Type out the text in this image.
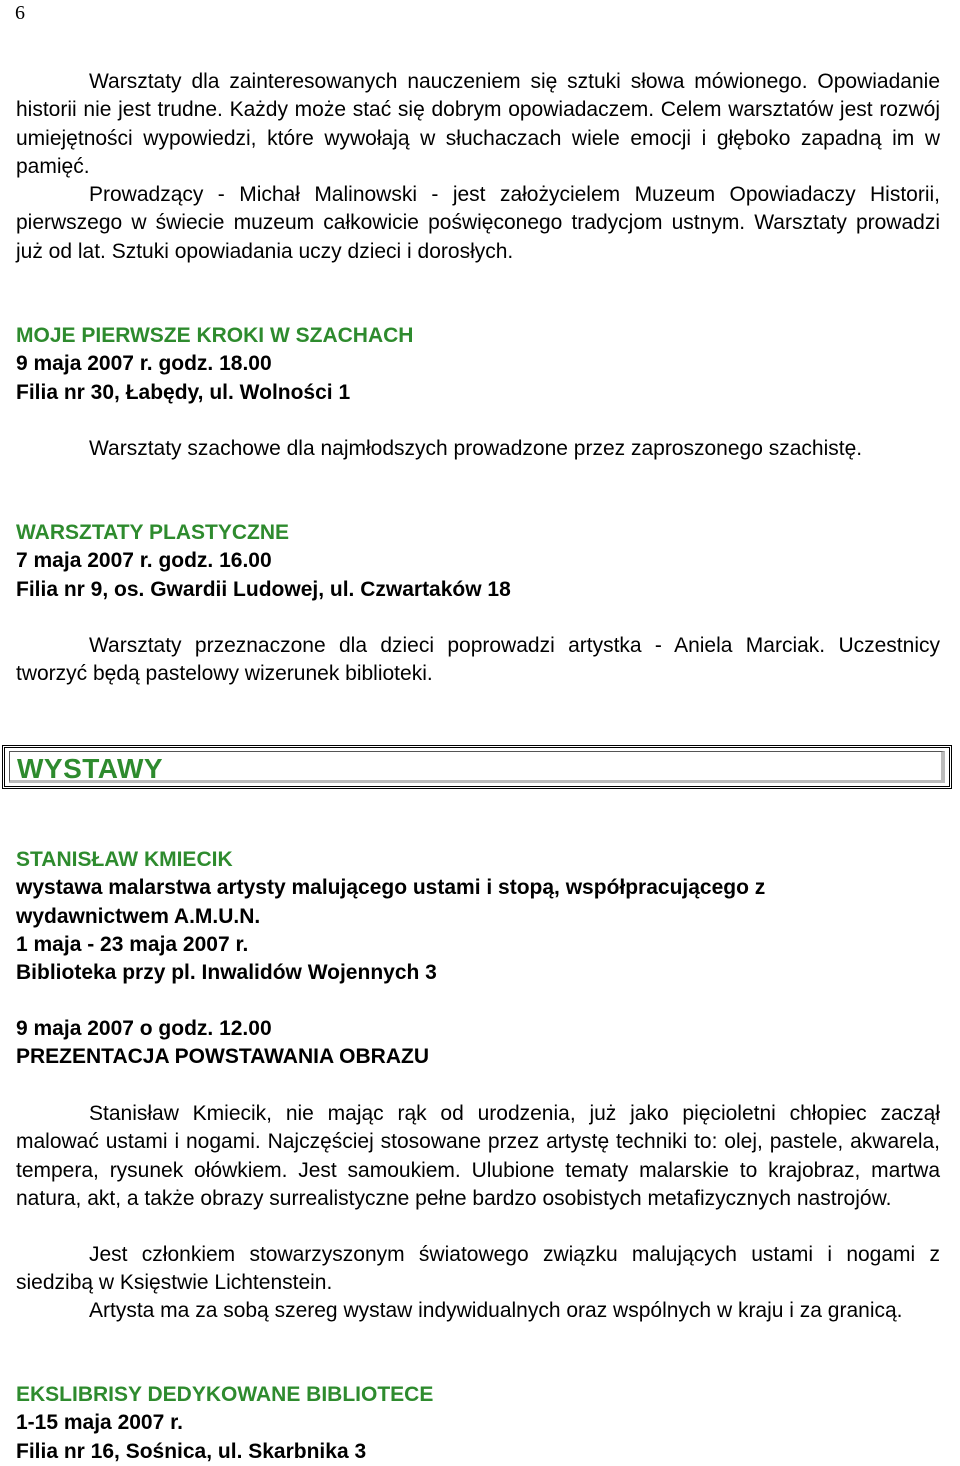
6

Warsztaty dla zainteresowanych nauczeniem się sztuki słowa mówionego. Opowiadanie historii nie jest trudne. Każdy może stać się dobrym opowiadaczem. Celem warsztatów jest rozwój umiejętności wypowiedzi, które wywołają w słuchaczach wiele emocji i głęboko zapadną im w pamięć.

Prowadzący - Michał Malinowski - jest założycielem Muzeum Opowiadaczy Historii, pierwszego w świecie muzeum całkowicie poświęconego tradycjom ustnym. Warsztaty prowadzi już od lat. Sztuki opowiadania uczy dzieci i dorosłych.

MOJE PIERWSZE KROKI W SZACHACH
9 maja 2007 r. godz. 18.00
Filia nr 30, Łabędy, ul. Wolności 1

Warsztaty szachowe dla najmłodszych prowadzone przez zaproszonego szachistę.

WARSZTATY PLASTYCZNE
7 maja 2007 r. godz. 16.00
Filia nr 9, os. Gwardii Ludowej, ul. Czwartaków 18

Warsztaty przeznaczone dla dzieci poprowadzi artystka - Aniela Marciak. Uczestnicy tworzyć będą pastelowy wizerunek biblioteki.

WYSTAWY
STANISŁAW KMIECIK
wystawa malarstwa artysty malującego ustami i stopą, współpracującego z
wydawnictwem A.M.U.N.
1 maja - 23 maja 2007 r.
Biblioteka przy pl. Inwalidów Wojennych 3
9 maja 2007 o godz. 12.00
PREZENTACJA POWSTAWANIA OBRAZU

Stanisław Kmiecik, nie mając rąk od urodzenia, już jako pięcioletni chłopiec zaczął malować ustami i nogami. Najczęściej stosowane przez artystę techniki to: olej, pastele, akwarela, tempera, rysunek ołówkiem. Jest samoukiem. Ulubione tematy malarskie to krajobraz, martwa natura, akt, a także obrazy surrealistyczne pełne bardzo osobistych metafizycznych nastrojów.

Jest członkiem stowarzyszonym światowego związku malujących ustami i nogami z siedzibą w Księstwie Lichtenstein.

Artysta ma za sobą szereg wystaw indywidualnych oraz wspólnych w kraju i za granicą.

EKSLIBRISY DEDYKOWANE BIBLIOTECE
1-15 maja 2007 r.
Filia nr 16, Sośnica, ul. Skarbnika 3
